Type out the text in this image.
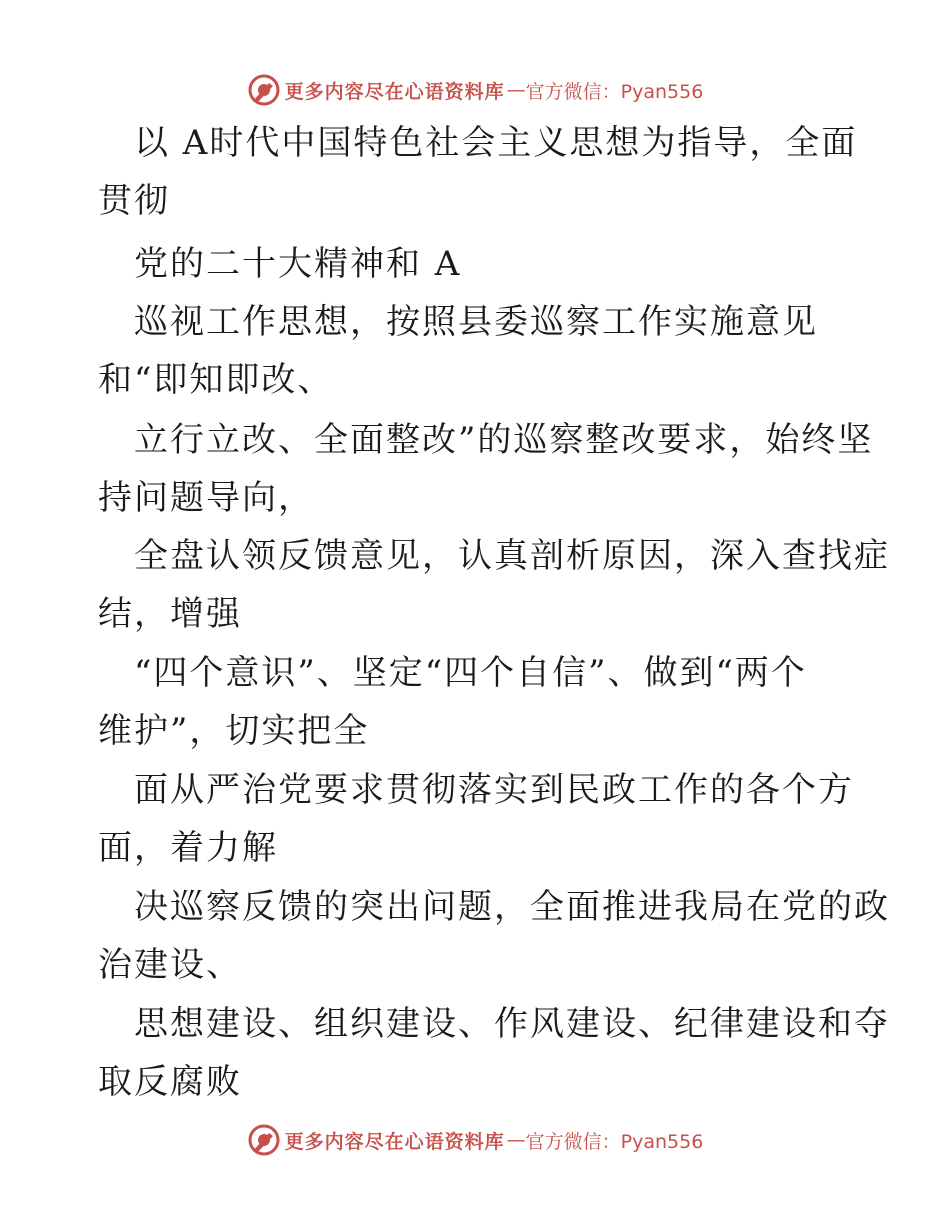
更多内容尽在心语资料库 — 官方微信：Pyan556
以 A时代中国特色社会主义思想为指导，全面
贯彻
党的二十大精神和 A
巡视工作思想，按照县委巡察工作实施意见
和“即知即改、
立行立改、全面整改”的巡察整改要求，始终坚
持问题导向，
全盘认领反馈意见，认真剖析原因，深入查找症
结，增强
“四个意识”、坚定“四个自信”、做到“两个
维护”，切实把全
面从严治党要求贯彻落实到民政工作的各个方
面，着力解
决巡察反馈的突出问题，全面推进我局在党的政
治建设、
思想建设、组织建设、作风建设、纪律建设和夺
取反腐败
更多内容尽在心语资料库 — 官方微信：Pyan556
